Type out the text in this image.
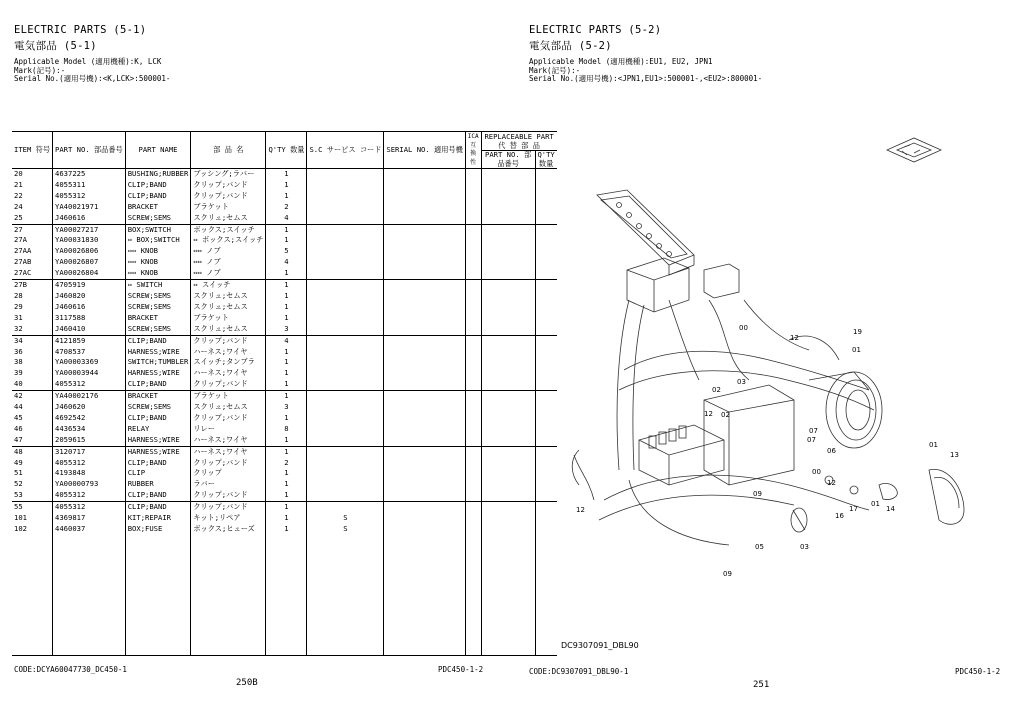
ELECTRIC PARTS (5-1)
電気部品 (5-1)
Applicable Model (適用機種):K, LCK
Mark(記号):-
Serial No.(適用号機):<K,LCK>:500001-
ITEM 符号	PART NO. 部品番号	PART NAME	部 品 名	Q'TY 数量	S.C サービス コード	SERIAL NO. 適用号機	ICA 互換性	REPLACEABLE PART 代 替 部 品
PART NO. 部品番号
Q'TY 数量	

20	4637225	BUSHING;RUBBER	ブッシング;ラバー	1					
21	4055311	CLIP;BAND	クリップ;バンド	1					
22	4055312	CLIP;BAND	クリップ;バンド	1					
24	YA40021971	BRACKET	ブラケット	2					
25	J460616	SCREW;SEMS	スクリュ;セムス	4					
27	YA00027217	BOX;SWITCH	ボックス;スイッチ	1					
27A	YA00031830	⇔ BOX;SWITCH	⇔ ボックス;スイッチ	1					
27AA	YA00026806	⇔⇔ KNOB	⇔⇔ ノブ	5					
27AB	YA00026807	⇔⇔ KNOB	⇔⇔ ノブ	4					
27AC	YA00026804	⇔⇔ KNOB	⇔⇔ ノブ	1					
27B	4705919	⇔ SWITCH	⇔ スイッチ	1					
28	J460820	SCREW;SEMS	スクリュ;セムス	1					
29	J460616	SCREW;SEMS	スクリュ;セムス	1					
31	3117588	BRACKET	ブラケット	1					
32	J460410	SCREW;SEMS	スクリュ;セムス	3					
34	4121859	CLIP;BAND	クリップ;バンド	4					
36	4708537	HARNESS;WIRE	ハーネス;ワイヤ	1					
38	YA00003369	SWITCH;TUMBLER	スイッチ;タンブラ	1					
39	YA00003944	HARNESS;WIRE	ハーネス;ワイヤ	1					
40	4055312	CLIP;BAND	クリップ;バンド	1					
42	YA40002176	BRACKET	ブラケット	1					
44	J460620	SCREW;SEMS	スクリュ;セムス	3					
45	4692542	CLIP;BAND	クリップ;バンド	1					
46	4436534	RELAY	リレー	8					
47	2059615	HARNESS;WIRE	ハーネス;ワイヤ	1					
48	3120717	HARNESS;WIRE	ハーネス;ワイヤ	1					
49	4055312	CLIP;BAND	クリップ;バンド	2					
51	4193848	CLIP	クリップ	1					
52	YA00000793	RUBBER	ラバー	1					
53	4055312	CLIP;BAND	クリップ;バンド	1					
55	4055312	CLIP;BAND	クリップ;バンド	1					
101	4369817	KIT;REPAIR	キット;リペア	1	S				
102	4460037	BOX;FUSE	ボックス;ヒューズ	1	S				

CODE:DCYA60047730_DC450-1	PDC450-1-2
250B
ELECTRIC PARTS (5-2)
電気部品 (5-2)
Applicable Model (適用機種):EU1, EU2, JPN1
Mark(記号):-
Serial No.(適用号機):<JPN1,EU1>:500001-,<EU2>:800001-
00	19
01
12
02
03
12 02
07
06
01
13
00
17
16
07
01
14
12
05	03
09
09
12
DC9307091_DBL90
CODE:DC9307091_DBL90-1	PDC450-1-2
251
